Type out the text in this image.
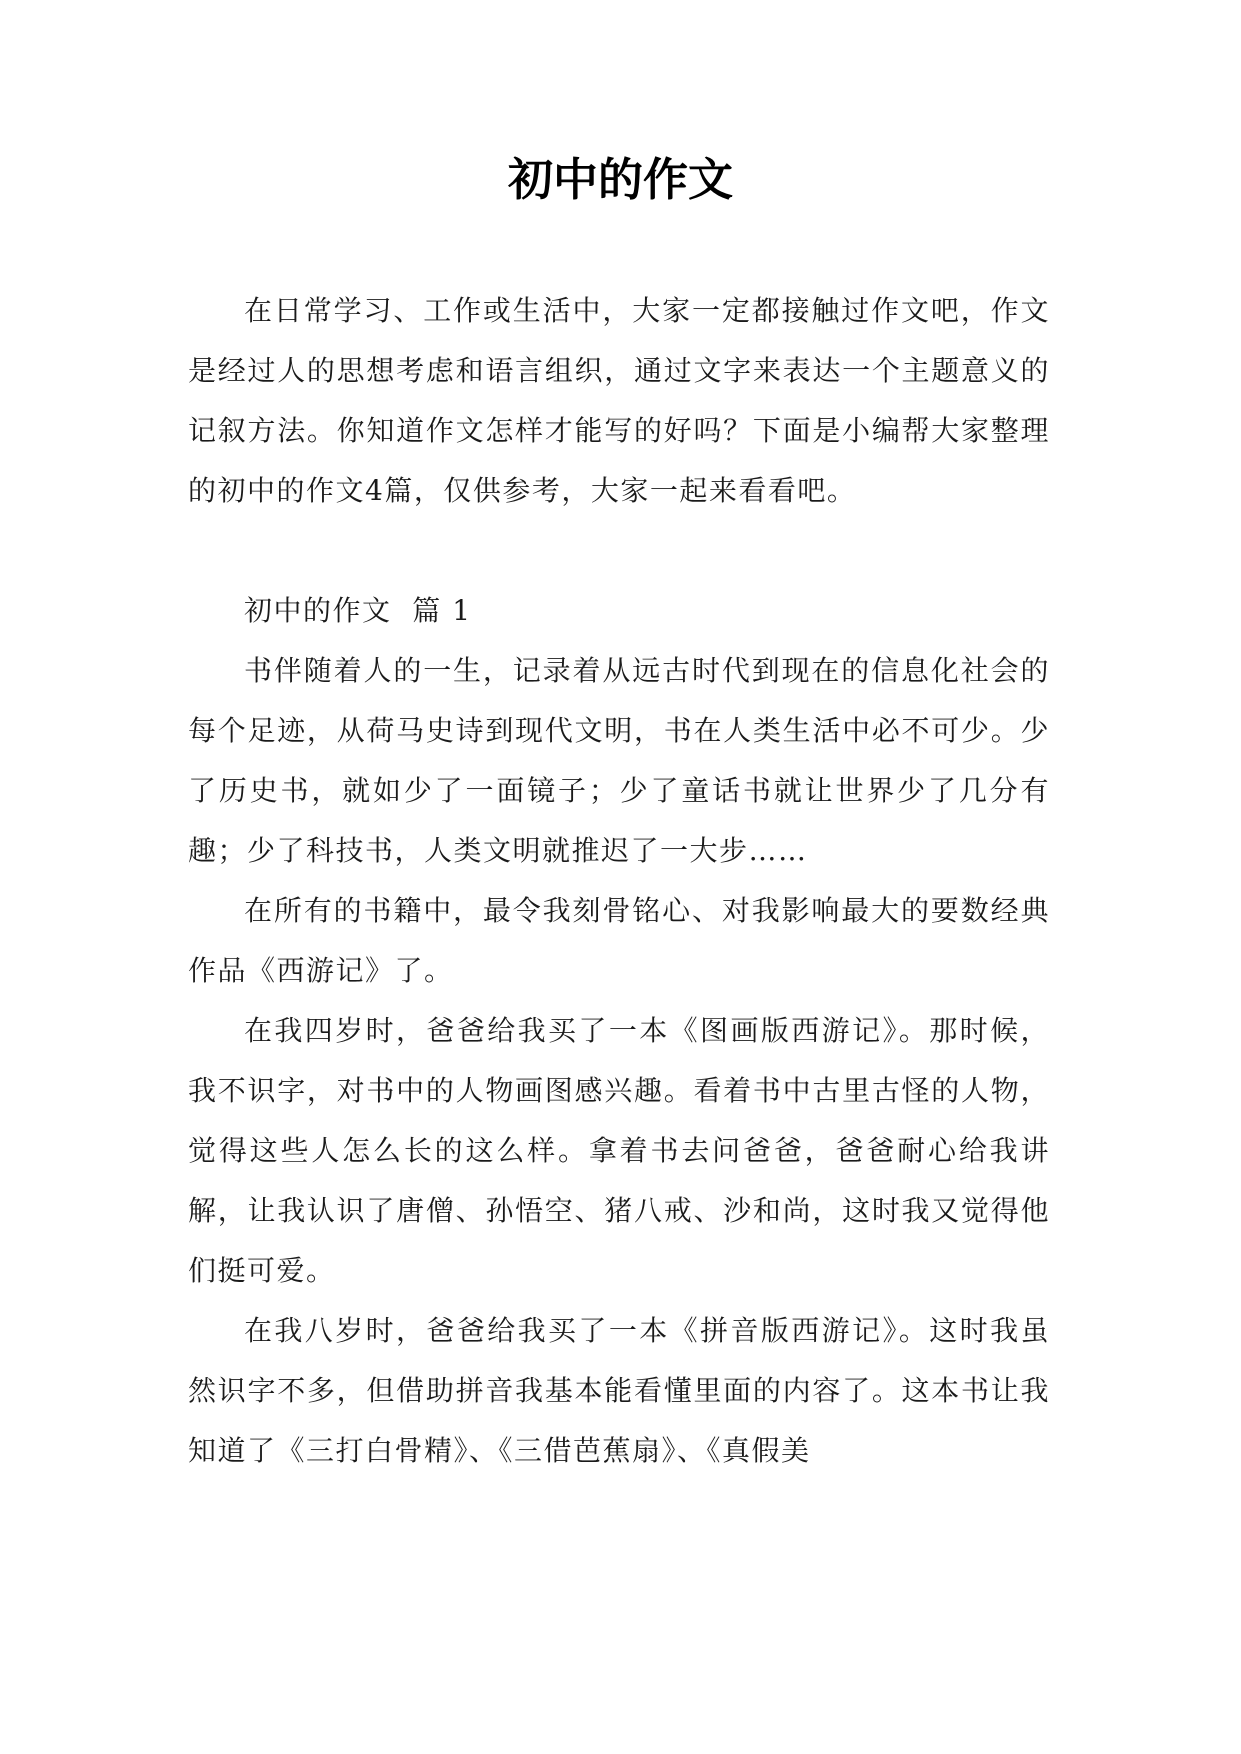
初中的作文

在日常学习、工作或生活中，大家一定都接触过作文吧，作文是经过人的思想考虑和语言组织，通过文字来表达一个主题意义的记叙方法。你知道作文怎样才能写的好吗？下面是小编帮大家整理的初中的作文4篇，仅供参考，大家一起来看看吧。

初中的作文  篇 1

书伴随着人的一生，记录着从远古时代到现在的信息化社会的每个足迹，从荷马史诗到现代文明，书在人类生活中必不可少。少了历史书，就如少了一面镜子；少了童话书就让世界少了几分有趣；少了科技书，人类文明就推迟了一大步……

在所有的书籍中，最令我刻骨铭心、对我影响最大的要数经典作品《西游记》了。

在我四岁时，爸爸给我买了一本《图画版西游记》。那时候，我不识字，对书中的人物画图感兴趣。看着书中古里古怪的人物，觉得这些人怎么长的这么样。拿着书去问爸爸，爸爸耐心给我讲解，让我认识了唐僧、孙悟空、猪八戒、沙和尚，这时我又觉得他们挺可爱。

在我八岁时，爸爸给我买了一本《拼音版西游记》。这时我虽然识字不多，但借助拼音我基本能看懂里面的内容了。这本书让我知道了《三打白骨精》、《三借芭蕉扇》、《真假美
